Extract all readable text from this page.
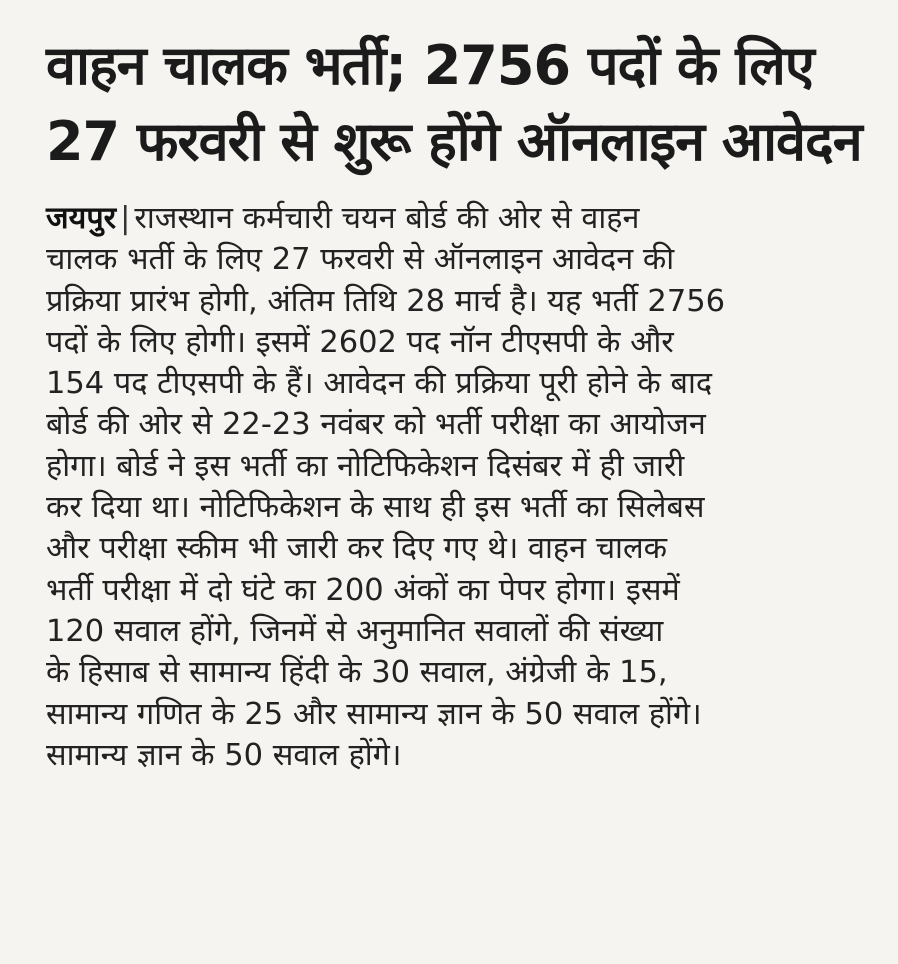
वाहन चालक भर्ती; 2756 पदों के लिए
27 फरवरी से शुरू होंगे ऑनलाइन आवेदन
जयपुर | राजस्थान कर्मचारी चयन बोर्ड की ओर से वाहन
चालक भर्ती के लिए 27 फरवरी से ऑनलाइन आवेदन की
प्रक्रिया प्रारंभ होगी, अंतिम तिथि 28 मार्च है। यह भर्ती 2756
पदों के लिए होगी। इसमें 2602 पद नॉन टीएसपी के और
154 पद टीएसपी के हैं। आवेदन की प्रक्रिया पूरी होने के बाद
बोर्ड की ओर से 22-23 नवंबर को भर्ती परीक्षा का आयोजन
होगा। बोर्ड ने इस भर्ती का नोटिफिकेशन दिसंबर में ही जारी
कर दिया था। नोटिफिकेशन के साथ ही इस भर्ती का सिलेबस
और परीक्षा स्कीम भी जारी कर दिए गए थे। वाहन चालक
भर्ती परीक्षा में दो घंटे का 200 अंकों का पेपर होगा। इसमें
120 सवाल होंगे, जिनमें से अनुमानित सवालों की संख्या
के हिसाब से सामान्य हिंदी के 30 सवाल, अंग्रेजी के 15,
सामान्य गणित के 25 और सामान्य ज्ञान के 50 सवाल होंगे।
सामान्य ज्ञान के 50 सवाल होंगे।
